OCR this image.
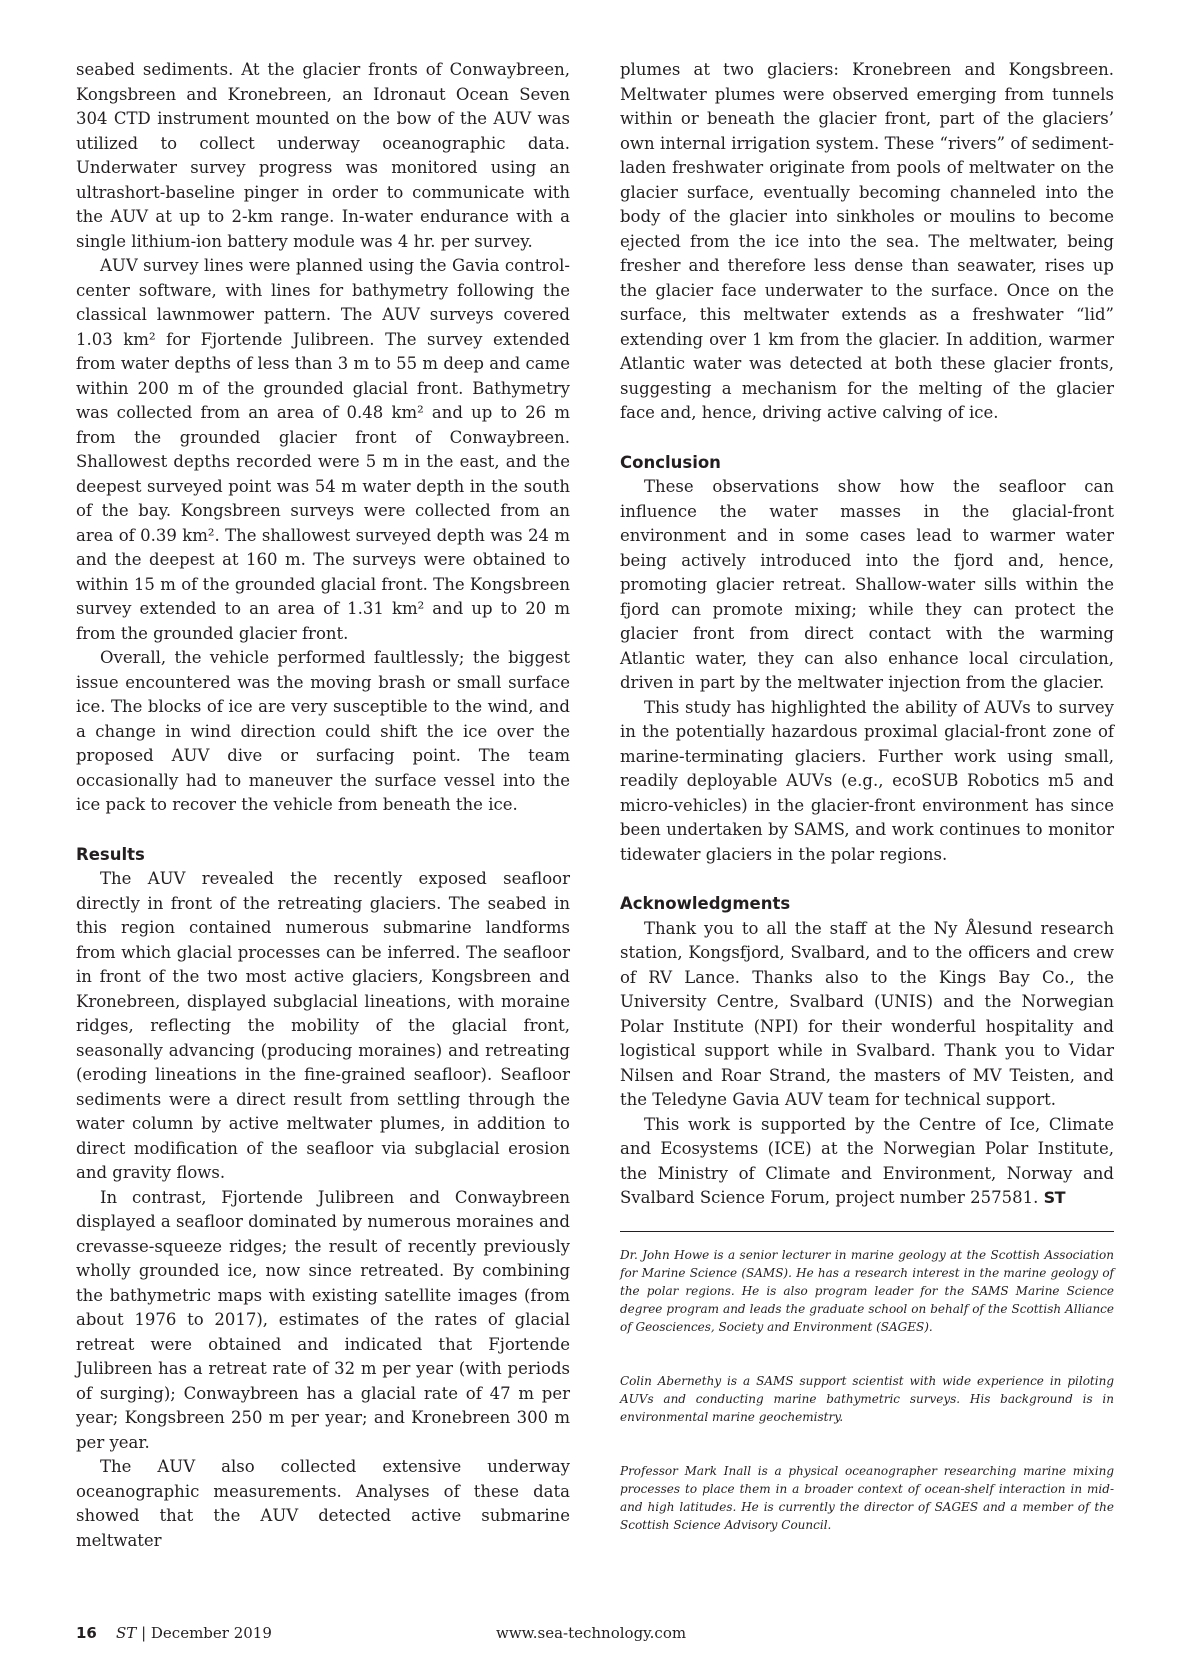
seabed sediments. At the glacier fronts of Conwaybreen, Kongsbreen and Kronebreen, an Idronaut Ocean Seven 304 CTD instrument mounted on the bow of the AUV was utilized to collect underway oceanographic data. Underwater survey progress was monitored using an ultrashort-baseline pinger in order to communicate with the AUV at up to 2-km range. In-water endurance with a single lithium-ion battery module was 4 hr. per survey.

AUV survey lines were planned using the Gavia control-center software, with lines for bathymetry following the classical lawnmower pattern. The AUV surveys covered 1.03 km² for Fjortende Julibreen. The survey extended from water depths of less than 3 m to 55 m deep and came within 200 m of the grounded glacial front. Bathymetry was collected from an area of 0.48 km² and up to 26 m from the grounded glacier front of Conwaybreen. Shallowest depths recorded were 5 m in the east, and the deepest surveyed point was 54 m water depth in the south of the bay. Kongsbreen surveys were collected from an area of 0.39 km². The shallowest surveyed depth was 24 m and the deepest at 160 m. The surveys were obtained to within 15 m of the grounded glacial front. The Kongsbreen survey extended to an area of 1.31 km² and up to 20 m from the grounded glacier front.

Overall, the vehicle performed faultlessly; the biggest issue encountered was the moving brash or small surface ice. The blocks of ice are very susceptible to the wind, and a change in wind direction could shift the ice over the proposed AUV dive or surfacing point. The team occasionally had to maneuver the surface vessel into the ice pack to recover the vehicle from beneath the ice.

Results

The AUV revealed the recently exposed seafloor directly in front of the retreating glaciers. The seabed in this region contained numerous submarine landforms from which glacial processes can be inferred. The seafloor in front of the two most active glaciers, Kongsbreen and Kronebreen, displayed subglacial lineations, with moraine ridges, reflecting the mobility of the glacial front, seasonally advancing (producing moraines) and retreating (eroding lineations in the fine-grained seafloor). Seafloor sediments were a direct result from settling through the water column by active meltwater plumes, in addition to direct modification of the seafloor via subglacial erosion and gravity flows.

In contrast, Fjortende Julibreen and Conwaybreen displayed a seafloor dominated by numerous moraines and crevasse-squeeze ridges; the result of recently previously wholly grounded ice, now since retreated. By combining the bathymetric maps with existing satellite images (from about 1976 to 2017), estimates of the rates of glacial retreat were obtained and indicated that Fjortende Julibreen has a retreat rate of 32 m per year (with periods of surging); Conwaybreen has a glacial rate of 47 m per year; Kongsbreen 250 m per year; and Kronebreen 300 m per year.

The AUV also collected extensive underway oceanographic measurements. Analyses of these data showed that the AUV detected active submarine meltwater

plumes at two glaciers: Kronebreen and Kongsbreen. Meltwater plumes were observed emerging from tunnels within or beneath the glacier front, part of the glaciers’ own internal irrigation system. These “rivers” of sediment-laden freshwater originate from pools of meltwater on the glacier surface, eventually becoming channeled into the body of the glacier into sinkholes or moulins to become ejected from the ice into the sea. The meltwater, being fresher and therefore less dense than seawater, rises up the glacier face underwater to the surface. Once on the surface, this meltwater extends as a freshwater “lid” extending over 1 km from the glacier. In addition, warmer Atlantic water was detected at both these glacier fronts, suggesting a mechanism for the melting of the glacier face and, hence, driving active calving of ice.

Conclusion

These observations show how the seafloor can influence the water masses in the glacial-front environment and in some cases lead to warmer water being actively introduced into the fjord and, hence, promoting glacier retreat. Shallow-water sills within the fjord can promote mixing; while they can protect the glacier front from direct contact with the warming Atlantic water, they can also enhance local circulation, driven in part by the meltwater injection from the glacier.

This study has highlighted the ability of AUVs to survey in the potentially hazardous proximal glacial-front zone of marine-terminating glaciers. Further work using small, readily deployable AUVs (e.g., ecoSUB Robotics m5 and micro-vehicles) in the glacier-front environment has since been undertaken by SAMS, and work continues to monitor tidewater glaciers in the polar regions.

Acknowledgments

Thank you to all the staff at the Ny Ålesund research station, Kongsfjord, Svalbard, and to the officers and crew of RV Lance. Thanks also to the Kings Bay Co., the University Centre, Svalbard (UNIS) and the Norwegian Polar Institute (NPI) for their wonderful hospitality and logistical support while in Svalbard. Thank you to Vidar Nilsen and Roar Strand, the masters of MV Teisten, and the Teledyne Gavia AUV team for technical support.

This work is supported by the Centre of Ice, Climate and Ecosystems (ICE) at the Norwegian Polar Institute, the Ministry of Climate and Environment, Norway and Svalbard Science Forum, project number 257581. ST

Dr. John Howe is a senior lecturer in marine geology at the Scottish Association for Marine Science (SAMS). He has a research interest in the marine geology of the polar regions. He is also program leader for the SAMS Marine Science degree program and leads the graduate school on behalf of the Scottish Alliance of Geosciences, Society and Environment (SAGES).

Colin Abernethy is a SAMS support scientist with wide experience in piloting AUVs and conducting marine bathymetric surveys. His background is in environmental marine geochemistry.

Professor Mark Inall is a physical oceanographer researching marine mixing processes to place them in a broader context of ocean-shelf interaction in mid- and high latitudes. He is currently the director of SAGES and a member of the Scottish Science Advisory Council.

16 ST | December 2019	www.sea-technology.com
